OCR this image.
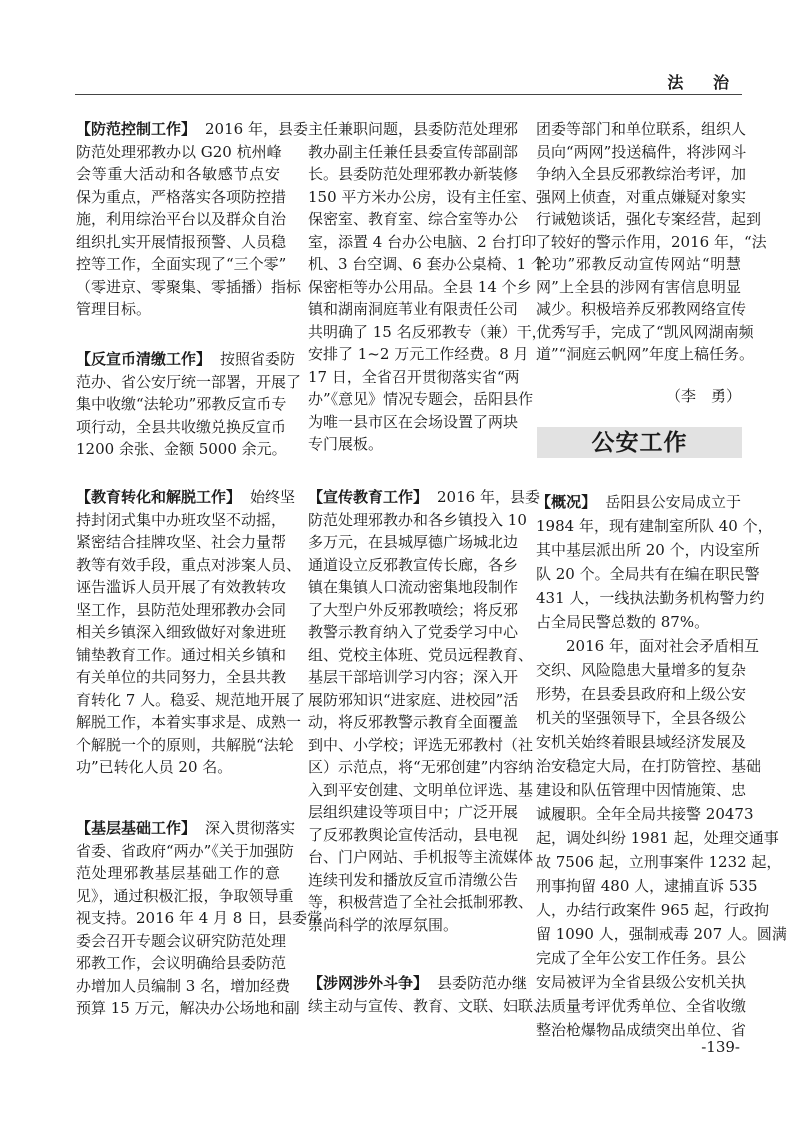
法 治
【防范控制工作】 2016 年，县委
防范处理邪教办以 G20 杭州峰
会等重大活动和各敏感节点安
保为重点，严格落实各项防控措
施，利用综治平台以及群众自治
组织扎实开展情报预警、人员稳
控等工作，全面实现了“三个零”
（零进京、零聚集、零插播）指标
管理目标。
【反宣币清缴工作】 按照省委防
范办、省公安厅统一部署，开展了
集中收缴“法轮功”邪教反宣币专
项行动，全县共收缴兑换反宣币
1200 余张、金额 5000 余元。
【教育转化和解脱工作】 始终坚
持封闭式集中办班攻坚不动摇，
紧密结合挂牌攻坚、社会力量帮
教等有效手段，重点对涉案人员、
诬告滥诉人员开展了有效教转攻
坚工作，县防范处理邪教办会同
相关乡镇深入细致做好对象进班
铺垫教育工作。通过相关乡镇和
有关单位的共同努力，全县共教
育转化 7 人。稳妥、规范地开展了
解脱工作，本着实事求是、成熟一
个解脱一个的原则，共解脱“法轮
功”已转化人员 20 名。
【基层基础工作】 深入贯彻落实
省委、省政府“两办”《关于加强防
范处理邪教基层基础工作的意
见》，通过积极汇报，争取领导重
视支持。2016 年 4 月 8 日，县委常
委会召开专题会议研究防范处理
邪教工作，会议明确给县委防范
办增加人员编制 3 名，增加经费
预算 15 万元，解决办公场地和副
主任兼职问题，县委防范处理邪
教办副主任兼任县委宣传部副部
长。县委防范处理邪教办新装修
150 平方米办公房，设有主任室、
保密室、教育室、综合室等办公
室，添置 4 台办公电脑、2 台打印
机、3 台空调、6 套办公桌椅、1 个
保密柜等办公用品。全县 14 个乡
镇和湖南洞庭苇业有限责任公司
共明确了 15 名反邪教专（兼）干，
安排了 1~2 万元工作经费。8 月
17 日，全省召开贯彻落实省“两
办”《意见》情况专题会，岳阳县作
为唯一县市区在会场设置了两块
专门展板。
【宣传教育工作】 2016 年，县委
防范处理邪教办和各乡镇投入 10
多万元，在县城厚德广场城北边
通道设立反邪教宣传长廊，各乡
镇在集镇人口流动密集地段制作
了大型户外反邪教喷绘；将反邪
教警示教育纳入了党委学习中心
组、党校主体班、党员远程教育、
基层干部培训学习内容；深入开
展防邪知识“进家庭、进校园”活
动，将反邪教警示教育全面覆盖
到中、小学校；评选无邪教村（社
区）示范点，将“无邪创建”内容纳
入到平安创建、文明单位评选、基
层组织建设等项目中；广泛开展
了反邪教舆论宣传活动，县电视
台、门户网站、手机报等主流媒体
连续刊发和播放反宣币清缴公告
等，积极营造了全社会抵制邪教、
崇尚科学的浓厚氛围。
【涉网涉外斗争】 县委防范办继
续主动与宣传、教育、文联、妇联、
团委等部门和单位联系，组织人
员向“两网”投送稿件，将涉网斗
争纳入全县反邪教综治考评，加
强网上侦查，对重点嫌疑对象实
行诫勉谈话，强化专案经营，起到
了较好的警示作用，2016 年，“法
轮功”邪教反动宣传网站“明慧
网”上全县的涉网有害信息明显
减少。积极培养反邪教网络宣传
优秀写手，完成了“凯风网湖南频
道”“洞庭云帆网”年度上稿任务。
【概况】 岳阳县公安局成立于
1984 年，现有建制室所队 40 个，
其中基层派出所 20 个，内设室所
队 20 个。全局共有在编在职民警
431 人，一线执法勤务机构警力约
占全局民警总数的 87%。
2016 年，面对社会矛盾相互
交织、风险隐患大量增多的复杂
形势，在县委县政府和上级公安
机关的坚强领导下，全县各级公
安机关始终着眼县域经济发展及
治安稳定大局，在打防管控、基础
建设和队伍管理中因情施策、忠
诚履职。全年全局共接警 20473
起，调处纠纷 1981 起，处理交通事
故 7506 起，立刑事案件 1232 起，
刑事拘留 480 人，逮捕直诉 535
人，办结行政案件 965 起，行政拘
留 1090 人，强制戒毒 207 人。圆满
完成了全年公安工作任务。县公
安局被评为全省县级公安机关执
法质量考评优秀单位、全省收缴
整治枪爆物品成绩突出单位、省
（李　勇）
公安工作
-139-
